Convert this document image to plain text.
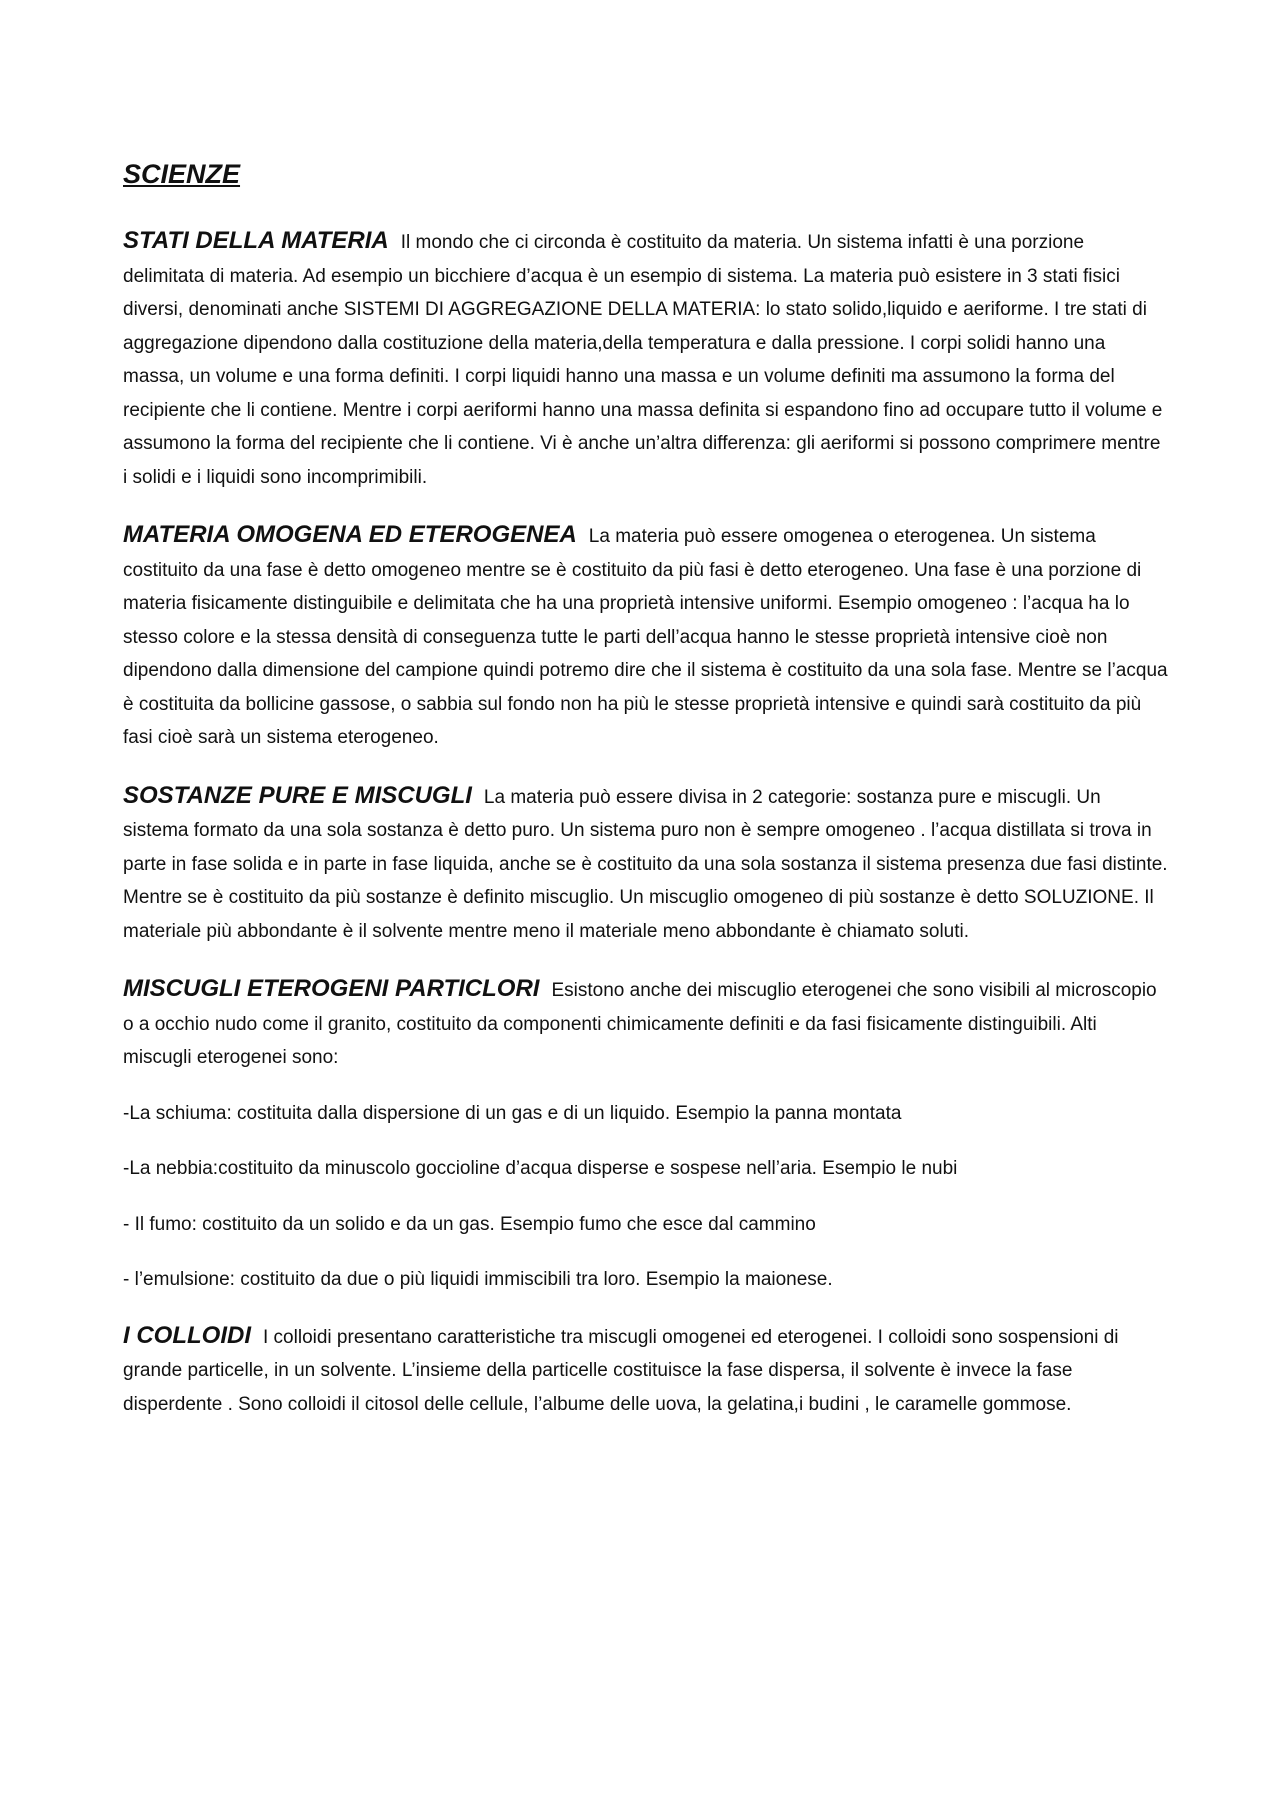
SCIENZE

STATI DELLA MATERIA Il mondo che ci circonda è costituito da materia. Un sistema infatti è una porzione delimitata di materia. Ad esempio un bicchiere d’acqua è un esempio di sistema. La materia può esistere in 3 stati fisici diversi, denominati anche SISTEMI DI AGGREGAZIONE DELLA MATERIA: lo stato solido,liquido e aeriforme. I tre stati di aggregazione dipendono dalla costituzione della materia,della temperatura e dalla pressione. I corpi solidi hanno una massa, un volume e una forma definiti. I corpi liquidi hanno una massa e un volume definiti ma assumono la forma del recipiente che li contiene. Mentre i corpi aeriformi hanno una massa definita si espandono fino ad occupare tutto il volume e assumono la forma del recipiente che li contiene. Vi è anche un’altra differenza: gli aeriformi si possono comprimere mentre i solidi e i liquidi sono incomprimibili.

MATERIA OMOGENA ED ETEROGENEA La materia può essere omogenea o eterogenea. Un sistema costituito da una fase è detto omogeneo mentre se è costituito da più fasi è detto eterogeneo. Una fase è una porzione di materia fisicamente distinguibile e delimitata che ha una proprietà intensive uniformi. Esempio omogeneo : l’acqua ha lo stesso colore e la stessa densità di conseguenza tutte le parti dell’acqua hanno le stesse proprietà intensive cioè non dipendono dalla dimensione del campione quindi potremo dire che il sistema è costituito da una sola fase. Mentre se l’acqua è costituita da bollicine gassose, o sabbia sul fondo non ha più le stesse proprietà intensive e quindi sarà costituito da più fasi cioè sarà un sistema eterogeneo.

SOSTANZE PURE E MISCUGLI La materia può essere divisa in 2 categorie: sostanza pure e miscugli. Un sistema formato da una sola sostanza è detto puro. Un sistema puro non è sempre omogeneo . l’acqua distillata si trova in parte in fase solida e in parte in fase liquida, anche se è costituito da una sola sostanza il sistema presenza due fasi distinte. Mentre se è costituito da più sostanze è definito miscuglio. Un miscuglio omogeneo di più sostanze è detto SOLUZIONE. Il materiale più abbondante è il solvente mentre meno il materiale meno abbondante è chiamato soluti.

MISCUGLI ETEROGENI PARTICLORI Esistono anche dei miscuglio eterogenei che sono visibili al microscopio o a occhio nudo come il granito, costituito da componenti chimicamente definiti e da fasi fisicamente distinguibili. Alti miscugli eterogenei sono:

-La schiuma: costituita dalla dispersione di un gas e di un liquido. Esempio la panna montata

-La nebbia:costituito da minuscolo goccioline d’acqua disperse e sospese nell’aria. Esempio le nubi

- Il fumo: costituito da un solido e da un gas. Esempio fumo che esce dal cammino

- l’emulsione: costituito da due o più liquidi immiscibili tra loro. Esempio la maionese.

I COLLOIDI I colloidi presentano caratteristiche tra miscugli omogenei ed eterogenei. I colloidi sono sospensioni di grande particelle, in un solvente. L’insieme della particelle costituisce la fase dispersa, il solvente è invece la fase disperdente . Sono colloidi il citosol delle cellule, l’albume delle uova, la gelatina,i budini , le caramelle gommose.
